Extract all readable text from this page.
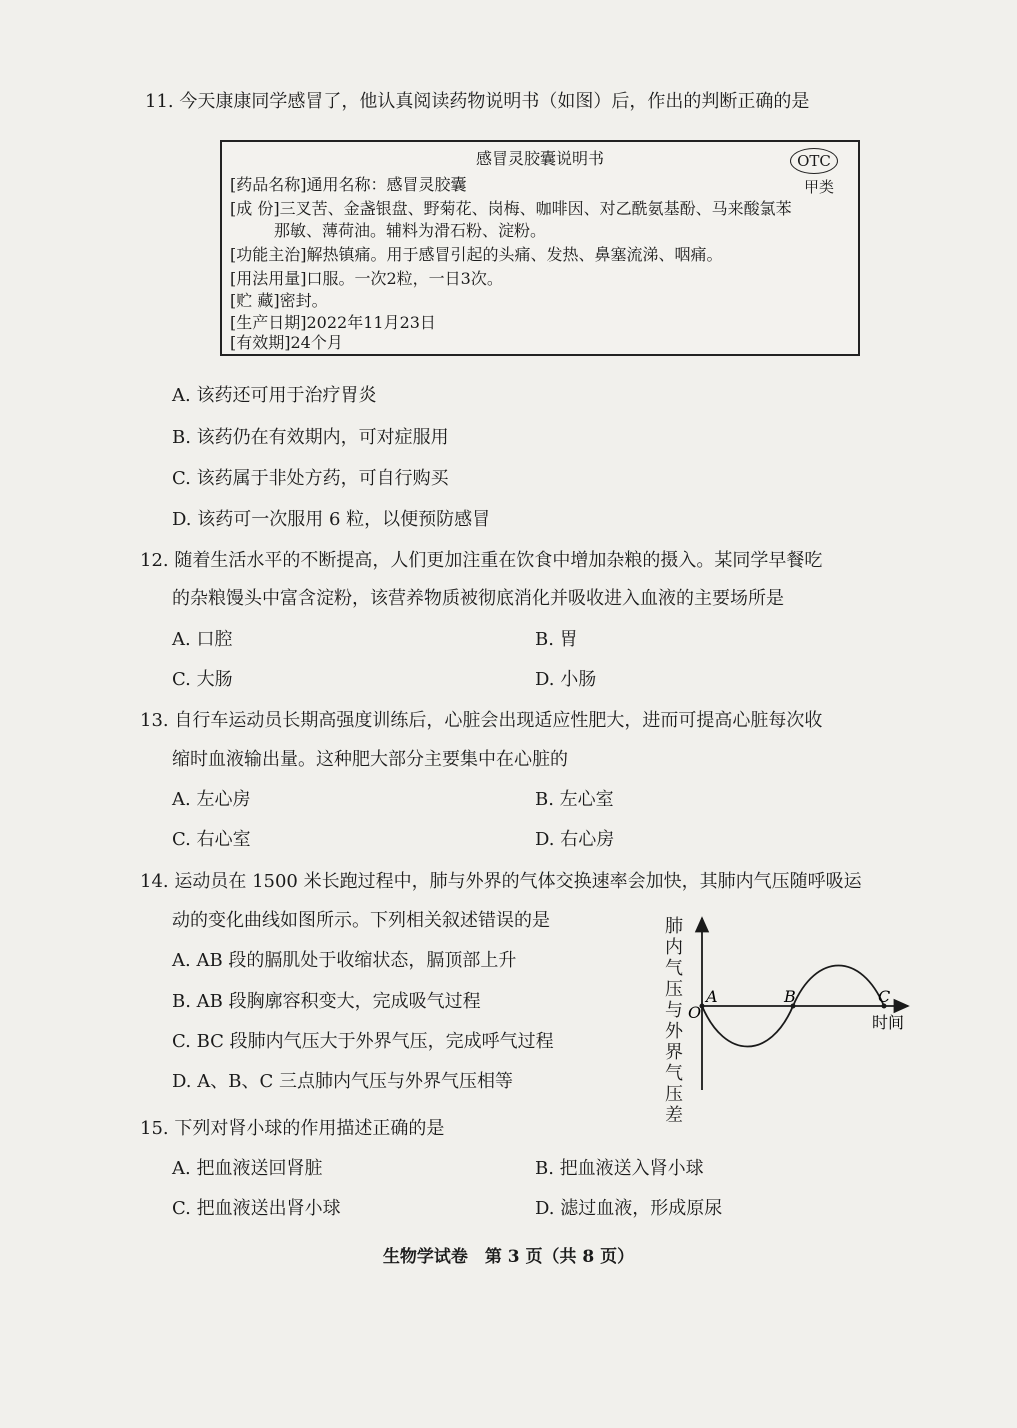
11. 今天康康同学感冒了，他认真阅读药物说明书（如图）后，作出的判断正确的是
感冒灵胶囊说明书	OTC
甲类
[药品名称]通用名称：感冒灵胶囊
[成 份]三叉苦、金盏银盘、野菊花、岗梅、咖啡因、对乙酰氨基酚、马来酸氯苯
那敏、薄荷油。辅料为滑石粉、淀粉。
[功能主治]解热镇痛。用于感冒引起的头痛、发热、鼻塞流涕、咽痛。
[用法用量]口服。一次2粒，一日3次。
[贮 藏]密封。
[生产日期]2022年11月23日
[有效期]24个月
A. 该药还可用于治疗胃炎
B. 该药仍在有效期内，可对症服用
C. 该药属于非处方药，可自行购买
D. 该药可一次服用 6 粒，以便预防感冒
12. 随着生活水平的不断提高，人们更加注重在饮食中增加杂粮的摄入。某同学早餐吃
的杂粮馒头中富含淀粉，该营养物质被彻底消化并吸收进入血液的主要场所是
A. 口腔	B. 胃
C. 大肠	D. 小肠
13. 自行车运动员长期高强度训练后，心脏会出现适应性肥大，进而可提高心脏每次收
缩时血液输出量。这种肥大部分主要集中在心脏的
A. 左心房	B. 左心室
C. 右心室	D. 右心房
14. 运动员在 1500 米长跑过程中，肺与外界的气体交换速率会加快，其肺内气压随呼吸运
动的变化曲线如图所示。下列相关叙述错误的是
A. AB 段的膈肌处于收缩状态，膈顶部上升
B. AB 段胸廓容积变大，完成吸气过程
C. BC 段肺内气压大于外界气压，完成呼气过程
D. A、B、C 三点肺内气压与外界气压相等
肺内气压与外界气压差
O
A	B	C
时间
15. 下列对肾小球的作用描述正确的是
A. 把血液送回肾脏	B. 把血液送入肾小球
C. 把血液送出肾小球	D. 滤过血液，形成原尿
生物学试卷　第 3 页（共 8 页）
